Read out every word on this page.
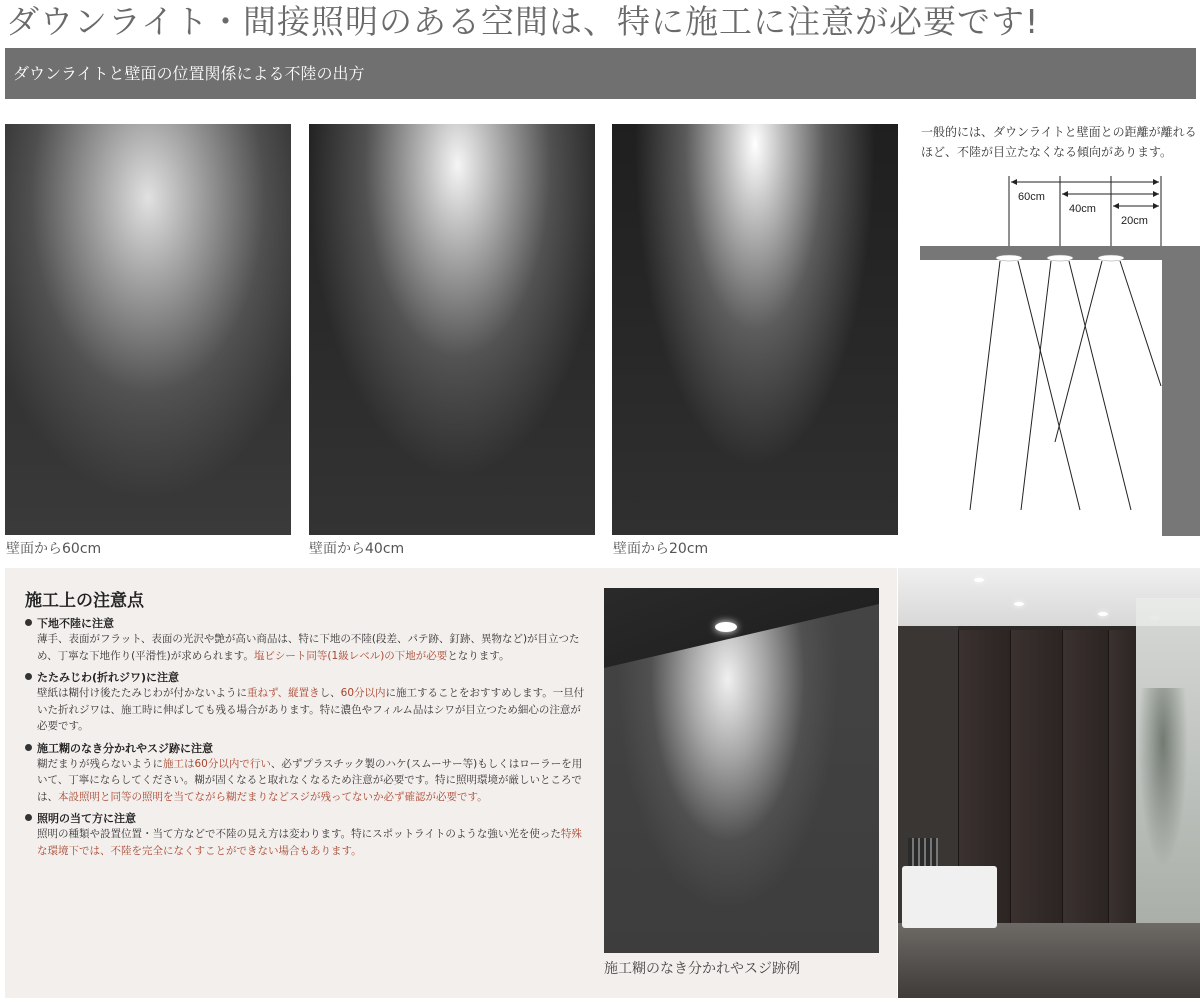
ダウンライト・間接照明のある空間は、特に施工に注意が必要です!
ダウンライトと壁面の位置関係による不陸の出方
壁面から60cm	壁面から40cm	壁面から20cm
一般的には、ダウンライトと壁面との距離が離れる
ほど、不陸が目立たなくなる傾向があります。
60cm
40cm
20cm
施工上の注意点
下地不陸に注意
薄手、表面がフラット、表面の光沢や艶が高い商品は、特に下地の不陸(段差、パテ跡、釘跡、異物など)が目立つため、丁寧な下地作り(平滑性)が求められます。塩ビシート同等(1級レベル)の下地が必要となります。
たたみじわ(折れジワ)に注意
壁紙は糊付け後たたみじわが付かないように重ねず、縦置きし、60分以内に施工することをおすすめします。一旦付いた折れジワは、施工時に伸ばしても残る場合があります。特に濃色やフィルム品はシワが目立つため細心の注意が必要です。
施工糊のなき分かれやスジ跡に注意
糊だまりが残らないように施工は60分以内で行い、必ずプラスチック製のハケ(スムーサー等)もしくはローラーを用いて、丁寧にならしてください。糊が固くなると取れなくなるため注意が必要です。特に照明環境が厳しいところでは、本設照明と同等の照明を当てながら糊だまりなどスジが残ってないか必ず確認が必要です。
照明の当て方に注意
照明の種類や設置位置・当て方などで不陸の見え方は変わります。特にスポットライトのような強い光を使った特殊な環境下では、不陸を完全になくすことができない場合もあります。
施工糊のなき分かれやスジ跡例
